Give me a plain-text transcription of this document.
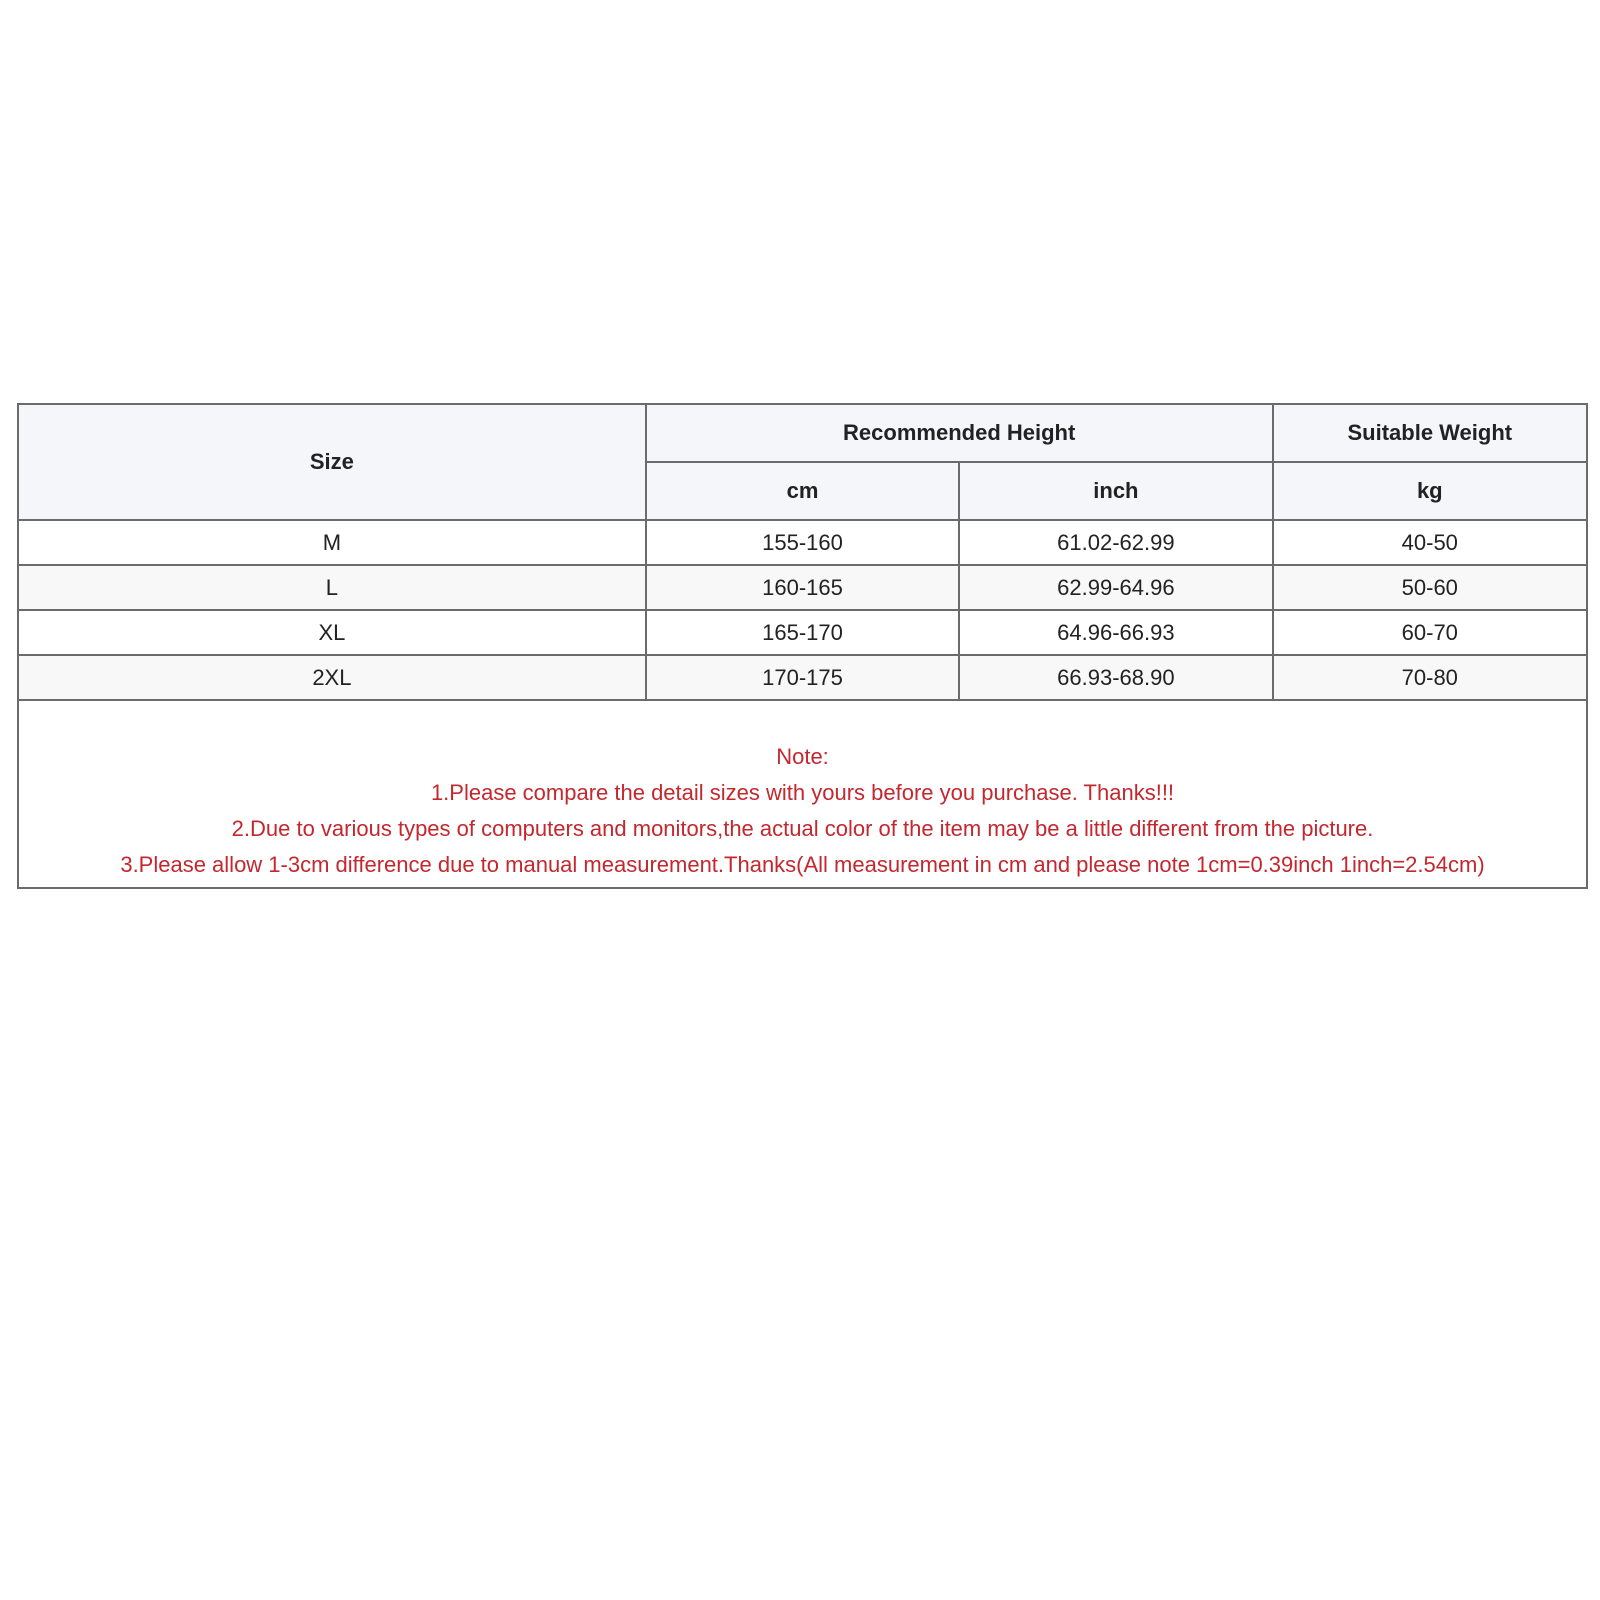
Size	Recommended Height		Suitable Weight
	cm	inch	kg
M	155-160	61.02-62.99	40-50
L	160-165	62.99-64.96	50-60
XL	165-170	64.96-66.93	60-70
2XL	170-175	66.93-68.90	70-80
Note:
1.Please compare the detail sizes with yours before you purchase. Thanks!!!
2.Due to various types of computers and monitors,the actual color of the item may be a little different from the picture.
3.Please allow 1-3cm difference due to manual measurement.Thanks(All measurement in cm and please note 1cm=0.39inch 1inch=2.54cm)
